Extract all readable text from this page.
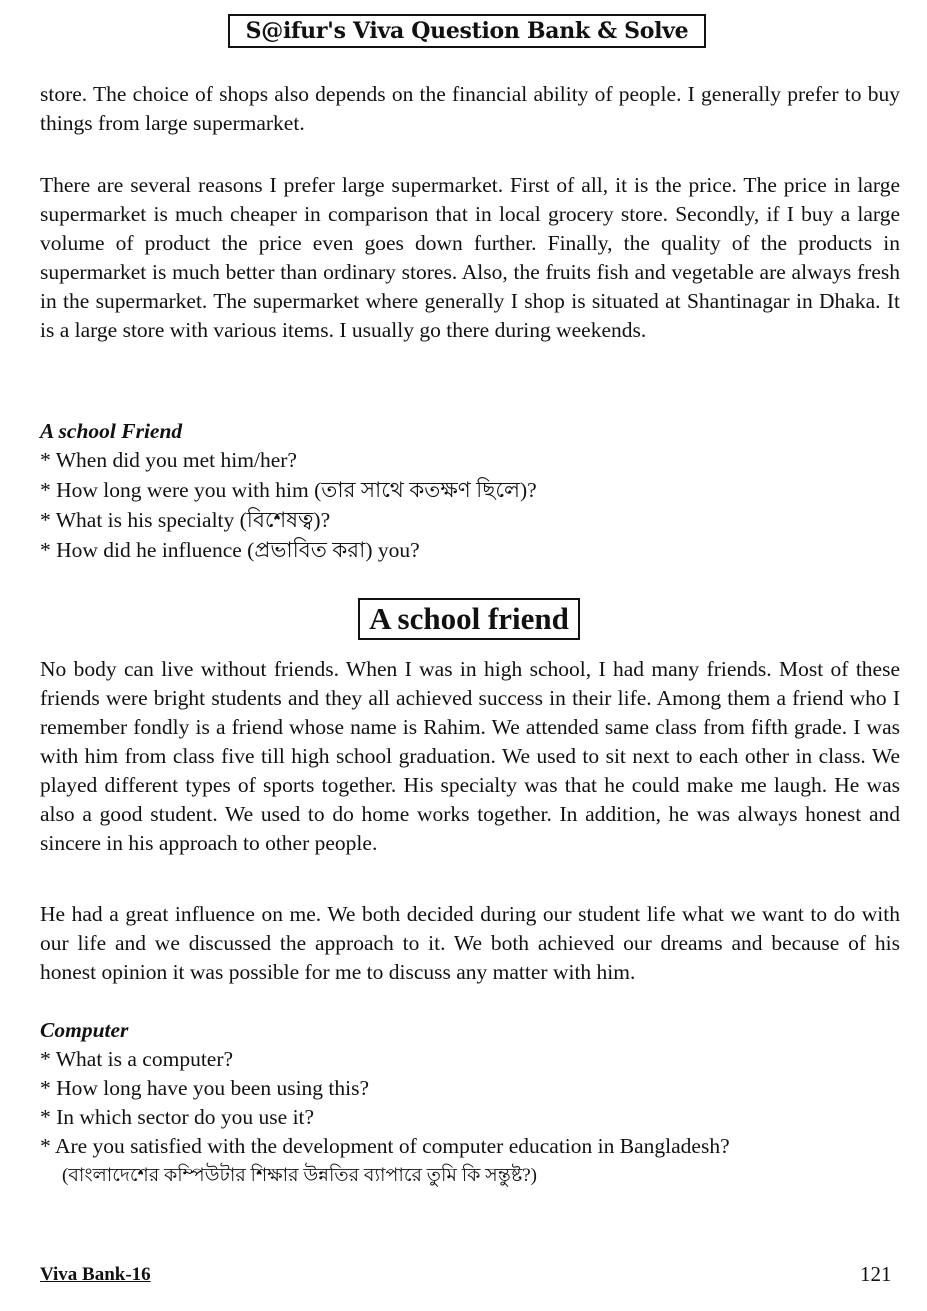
S@ifur's Viva Question Bank & Solve

store. The choice of shops also depends on the financial ability of people. I generally prefer to buy things from large supermarket.

There are several reasons I prefer large supermarket. First of all, it is the price. The price in large supermarket is much cheaper in comparison that in local grocery store. Secondly, if I buy a large volume of product the price even goes down further. Finally, the quality of the products in supermarket is much better than ordinary stores. Also, the fruits fish and vegetable are always fresh in the supermarket. The supermarket where generally I shop is situated at Shantinagar in Dhaka. It is a large store with various items. I usually go there during weekends.

A school Friend
* When did you met him/her?
* How long were you with him (তার সাথে কতক্ষণ ছিলে)?
* What is his specialty (বিশেষত্ব)?
* How did he influence (প্রভাবিত করা) you?
A school friend

No body can live without friends. When I was in high school, I had many friends. Most of these friends were bright students and they all achieved success in their life. Among them a friend who I remember fondly is a friend whose name is Rahim. We attended same class from fifth grade. I was with him from class five till high school graduation. We used to sit next to each other in class. We played different types of sports together. His specialty was that he could make me laugh. He was also a good student. We used to do home works together. In addition, he was always honest and sincere in his approach to other people.

He had a great influence on me. We both decided during our student life what we want to do with our life and we discussed the approach to it. We both achieved our dreams and because of his honest opinion it was possible for me to discuss any matter with him.

Computer
* What is a computer?
* How long have you been using this?
* In which sector do you use it?
* Are you satisfied with the development of computer education in Bangladesh?
(বাংলাদেশের কম্পিউটার শিক্ষার উন্নতির ব্যাপারে তুমি কি সন্তুষ্ট?)
Viva Bank-16	121
